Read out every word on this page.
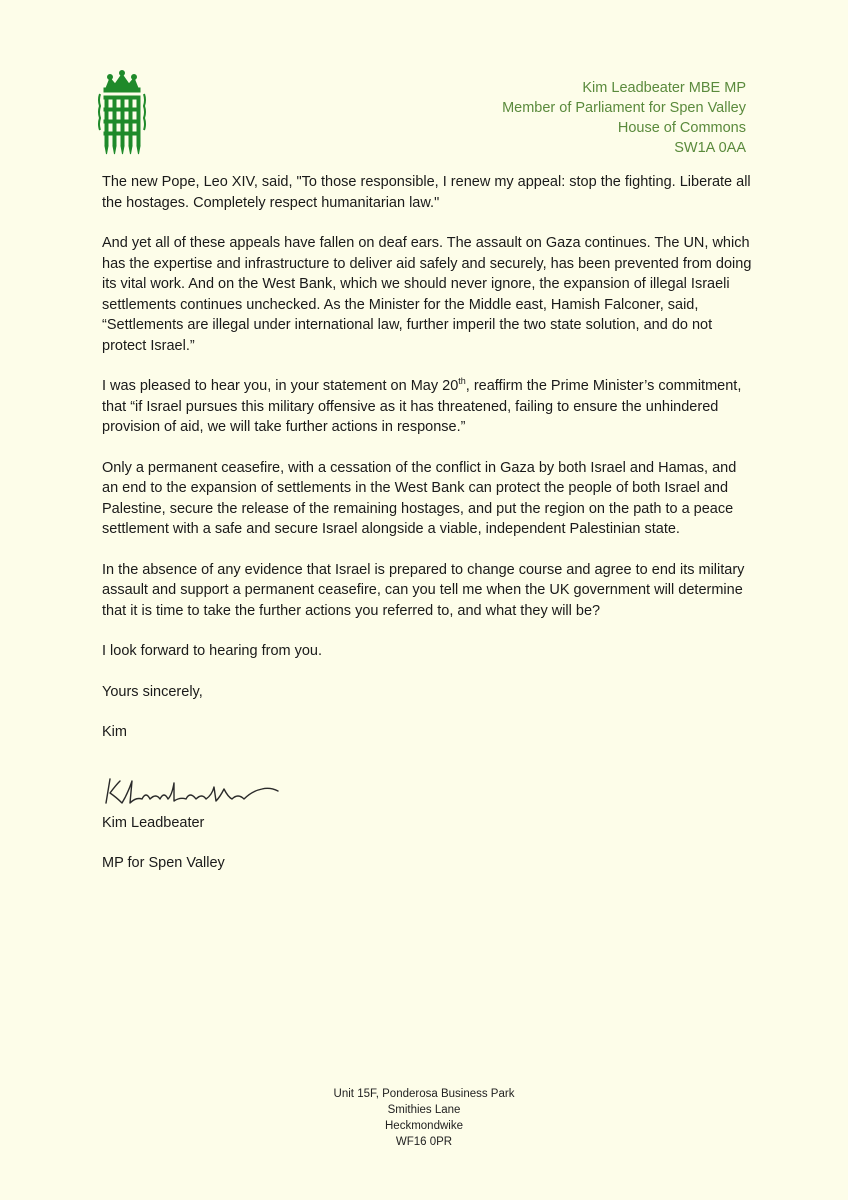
Kim Leadbeater MBE MP
Member of Parliament for Spen Valley
House of Commons
SW1A 0AA

The new Pope, Leo XIV, said, "To those responsible, I renew my appeal: stop the fighting. Liberate all the hostages. Completely respect humanitarian law."

And yet all of these appeals have fallen on deaf ears. The assault on Gaza continues. The UN, which has the expertise and infrastructure to deliver aid safely and securely, has been prevented from doing its vital work. And on the West Bank, which we should never ignore, the expansion of illegal Israeli settlements continues unchecked. As the Minister for the Middle east, Hamish Falconer, said, “Settlements are illegal under international law, further imperil the two state solution, and do not protect Israel.”

I was pleased to hear you, in your statement on May 20th, reaffirm the Prime Minister’s commitment, that “if Israel pursues this military offensive as it has threatened, failing to ensure the unhindered provision of aid, we will take further actions in response.”

Only a permanent ceasefire, with a cessation of the conflict in Gaza by both Israel and Hamas, and an end to the expansion of settlements in the West Bank can protect the people of both Israel and Palestine, secure the release of the remaining hostages, and put the region on the path to a peace settlement with a safe and secure Israel alongside a viable, independent Palestinian state.

In the absence of any evidence that Israel is prepared to change course and agree to end its military assault and support a permanent ceasefire, can you tell me when the UK government will determine that it is time to take the further actions you referred to, and what they will be?

I look forward to hearing from you.

Yours sincerely,

Kim

Kim Leadbeater

MP for Spen Valley

Unit 15F, Ponderosa Business Park
Smithies Lane
Heckmondwike
WF16 0PR
